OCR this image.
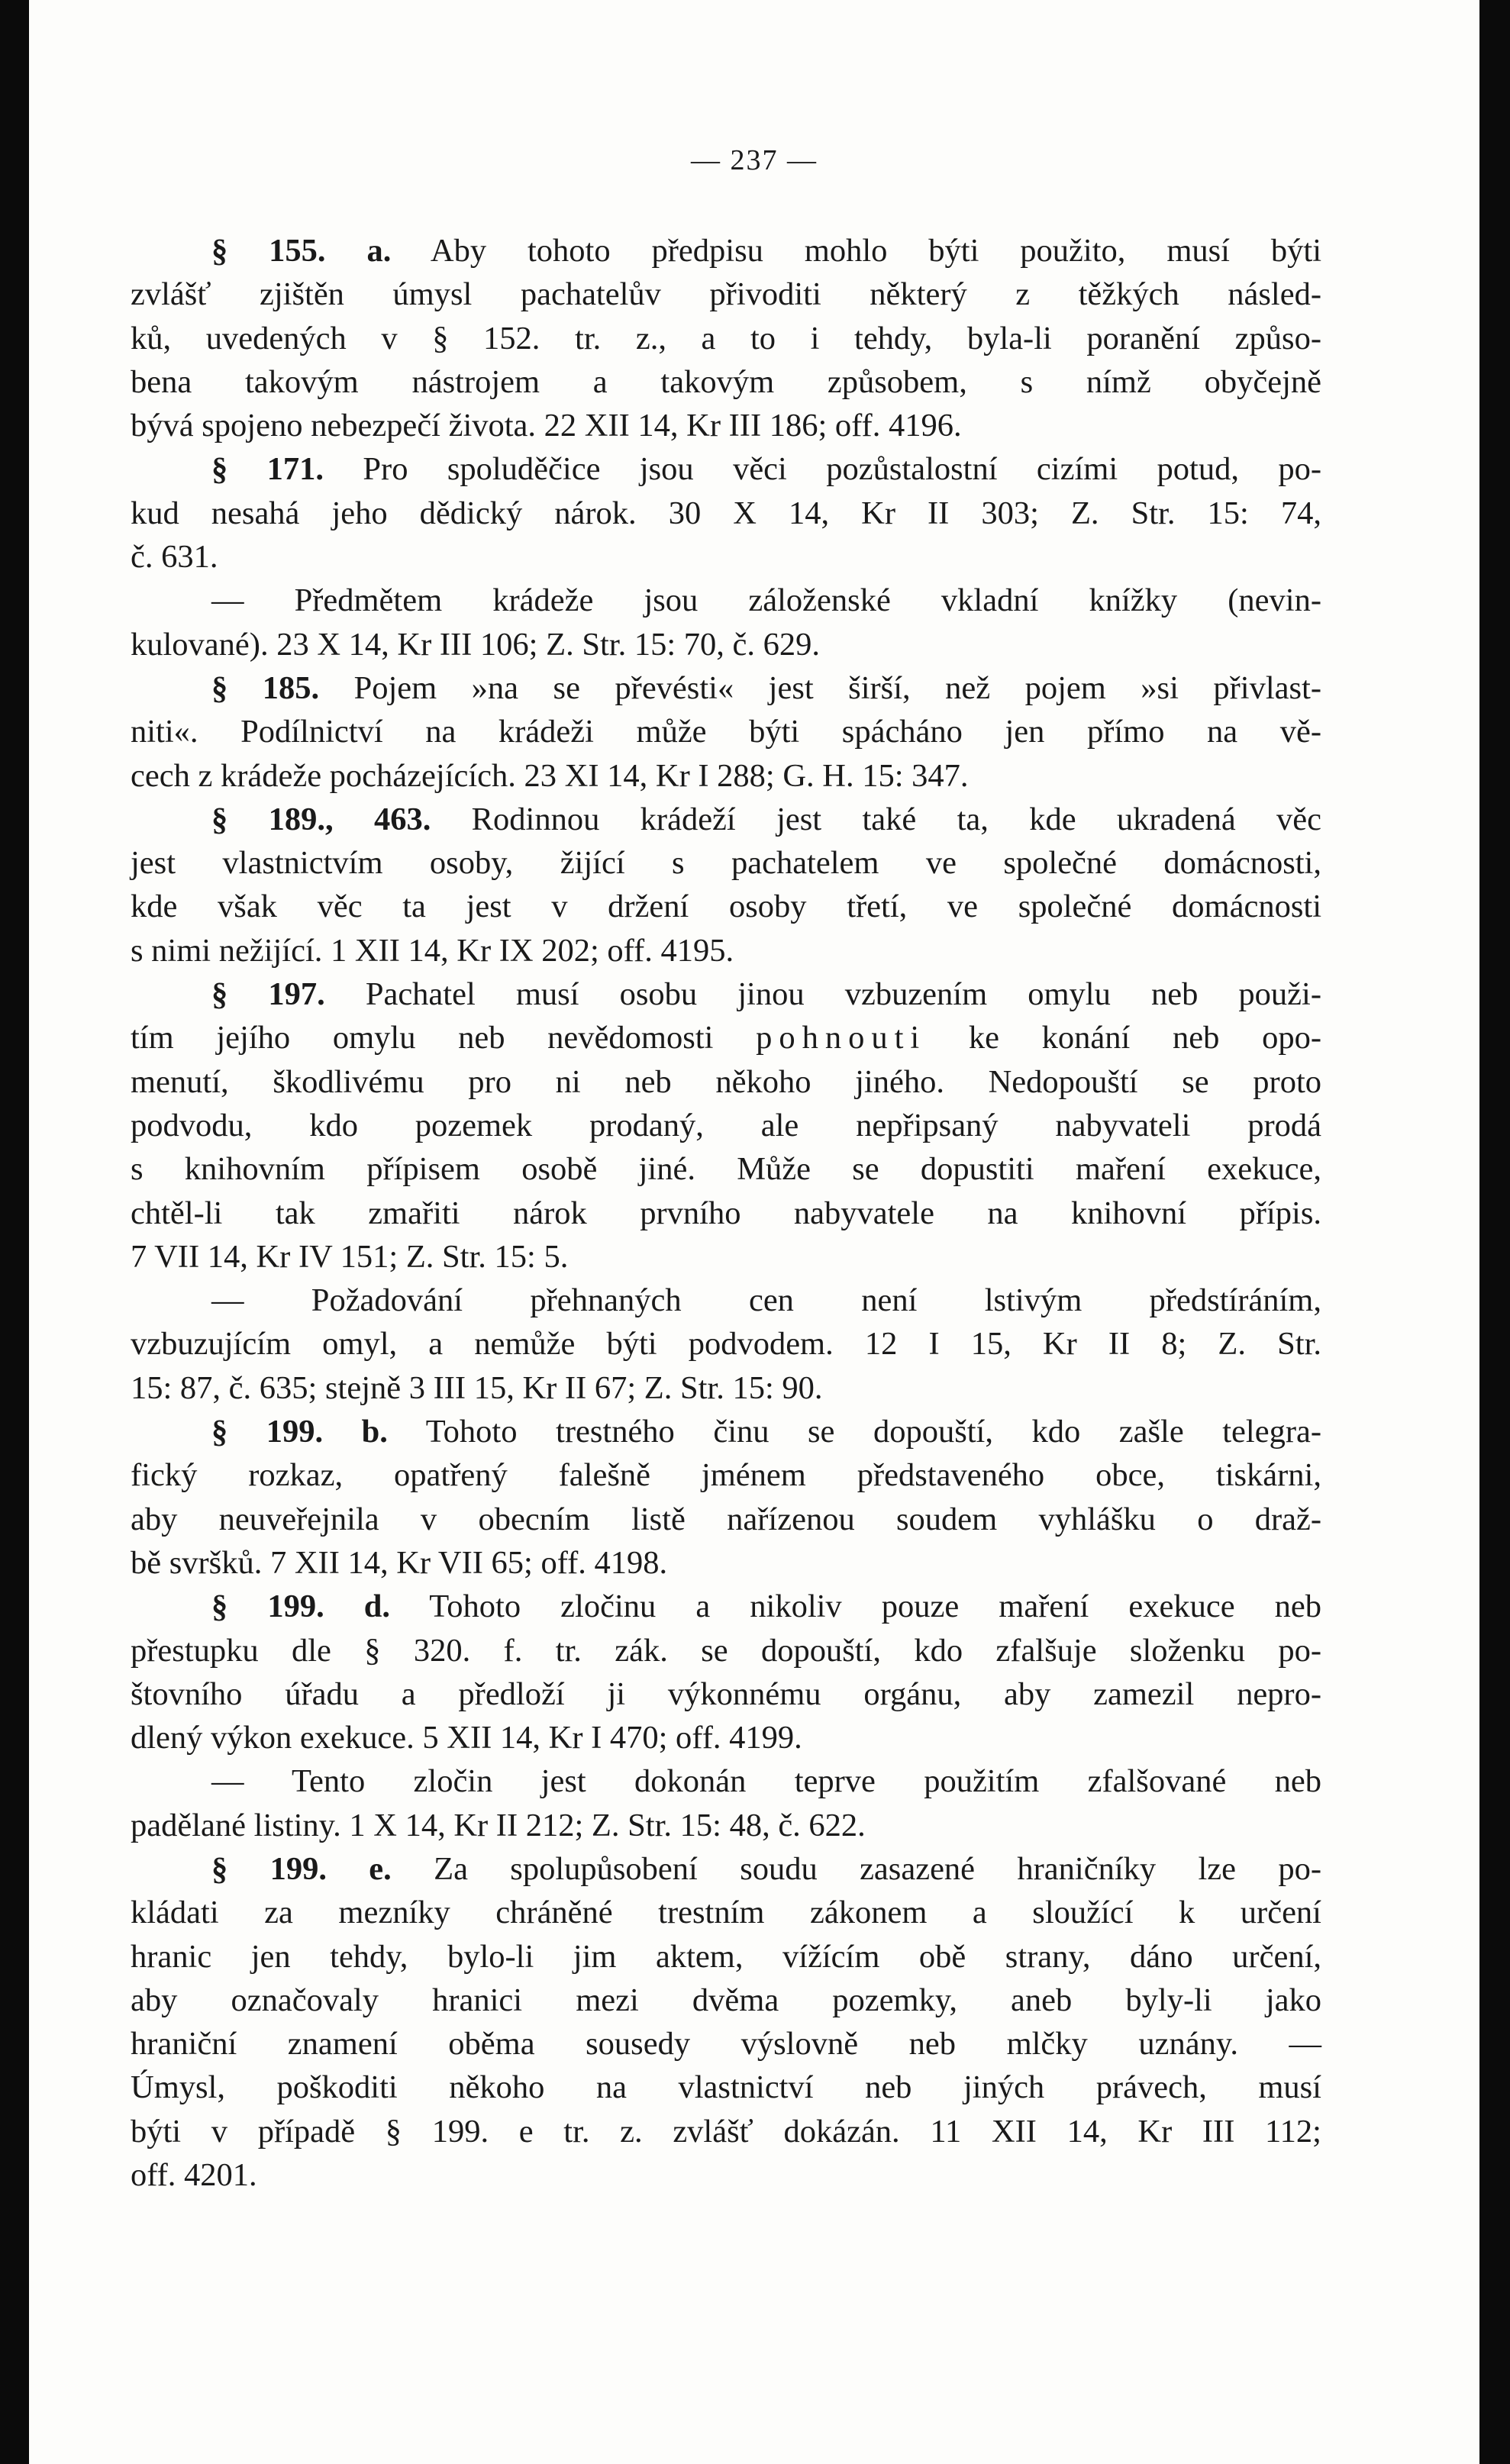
— 237 —
§ 155. a. Aby tohoto předpisu mohlo býti použito, musí býti
zvlášť zjištěn úmysl pachatelův přivoditi některý z těžkých násled-
ků, uvedených v § 152. tr. z., a to i tehdy, byla-li poranění způso-
bena takovým nástrojem a takovým způsobem, s nímž obyčejně
bývá spojeno nebezpečí života. 22 XII 14, Kr III 186; off. 4196.
§ 171. Pro spoluděčice jsou věci pozůstalostní cizími potud, po-
kud nesahá jeho dědický nárok. 30 X 14, Kr II 303; Z. Str. 15: 74,
č. 631.
— Předmětem krádeže jsou záloženské vkladní knížky (nevin-
kulované). 23 X 14, Kr III 106; Z. Str. 15: 70, č. 629.
§ 185. Pojem »na se převésti« jest širší, než pojem »si přivlast-
niti«. Podílnictví na krádeži může býti spácháno jen přímo na vě-
cech z krádeže pocházejících. 23 XI 14, Kr I 288; G. H. 15: 347.
§ 189., 463. Rodinnou krádeží jest také ta, kde ukradená věc
jest vlastnictvím osoby, žijící s pachatelem ve společné domácnosti,
kde však věc ta jest v držení osoby třetí, ve společné domácnosti
s nimi nežijící. 1 XII 14, Kr IX 202; off. 4195.
§ 197. Pachatel musí osobu jinou vzbuzením omylu neb použi-
tím jejího omylu neb nevědomosti pohnouti ke konání neb opo-
menutí, škodlivému pro ni neb někoho jiného. Nedopouští se proto
podvodu, kdo pozemek prodaný, ale nepřipsaný nabyvateli prodá
s knihovním přípisem osobě jiné. Může se dopustiti maření exekuce,
chtěl-li tak zmařiti nárok prvního nabyvatele na knihovní přípis.
7 VII 14, Kr IV 151; Z. Str. 15: 5.
— Požadování přehnaných cen není lstivým předstíráním,
vzbuzujícím omyl, a nemůže býti podvodem. 12 I 15, Kr II 8; Z. Str.
15: 87, č. 635; stejně 3 III 15, Kr II 67; Z. Str. 15: 90.
§ 199. b. Tohoto trestného činu se dopouští, kdo zašle telegra-
fický rozkaz, opatřený falešně jménem představeného obce, tiskárni,
aby neuveřejnila v obecním listě nařízenou soudem vyhlášku o draž-
bě svršků. 7 XII 14, Kr VII 65; off. 4198.
§ 199. d. Tohoto zločinu a nikoliv pouze maření exekuce neb
přestupku dle § 320. f. tr. zák. se dopouští, kdo zfalšuje složenku po-
štovního úřadu a předloží ji výkonnému orgánu, aby zamezil nepro-
dlený výkon exekuce. 5 XII 14, Kr I 470; off. 4199.
— Tento zločin jest dokonán teprve použitím zfalšované neb
padělané listiny. 1 X 14, Kr II 212; Z. Str. 15: 48, č. 622.
§ 199. e. Za spolupůsobení soudu zasazené hraničníky lze po-
kládati za mezníky chráněné trestním zákonem a sloužící k určení
hranic jen tehdy, bylo-li jim aktem, vížícím obě strany, dáno určení,
aby označovaly hranici mezi dvěma pozemky, aneb byly-li jako
hraniční znamení oběma sousedy výslovně neb mlčky uznány. —
Úmysl, poškoditi někoho na vlastnictví neb jiných právech, musí
býti v případě § 199. e tr. z. zvlášť dokázán. 11 XII 14, Kr III 112;
off. 4201.
